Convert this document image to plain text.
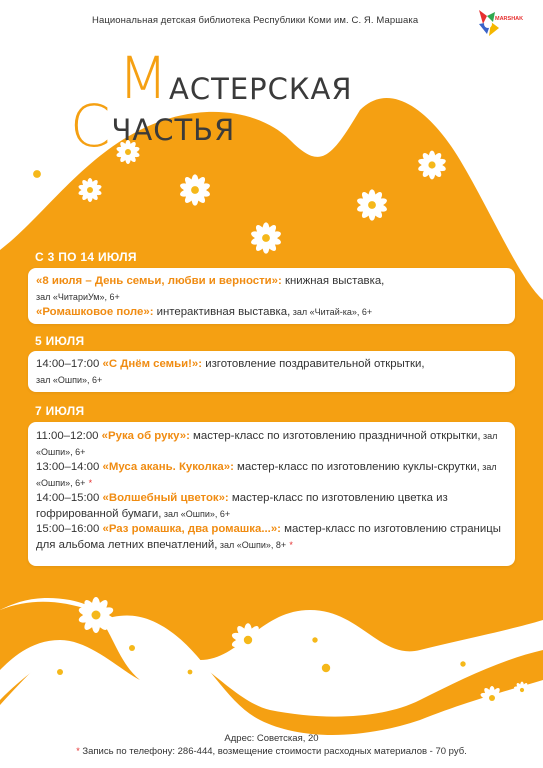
Национальная детская библиотека Республики Коми им. С. Я. Маршака	MARSHAK
МАСТЕРСКАЯ
СЧАСТЬЯ
С 3 ПО 14 ИЮЛЯ
«8 июля – День семьи, любви и верности»: книжная выставка,
зал «ЧитариУм», 6+
«Ромашковое поле»: интерактивная выставка, зал «Читай-ка», 6+
5 ИЮЛЯ
14:00–17:00 «С Днём семьи!»: изготовление поздравительной открытки,
зал «Ошпи», 6+
7 ИЮЛЯ
11:00–12:00 «Рука об руку»: мастер-класс по изготовлению праздничной открытки, зал «Ошпи», 6+
13:00–14:00 «Муса акань. Куколка»: мастер-класс по изготовлению куклы-скрутки, зал «Ошпи», 6+ *
14:00–15:00 «Волшебный цветок»: мастер-класс по изготовлению цветка из гофрированной бумаги, зал «Ошпи», 6+
15:00–16:00 «Раз ромашка, два ромашка...»: мастер-класс по изготовлению страницы для альбома летних впечатлений, зал «Ошпи», 8+ *
Адрес: Советская, 20
* Запись по телефону: 286-444, возмещение стоимости расходных материалов - 70 руб.
